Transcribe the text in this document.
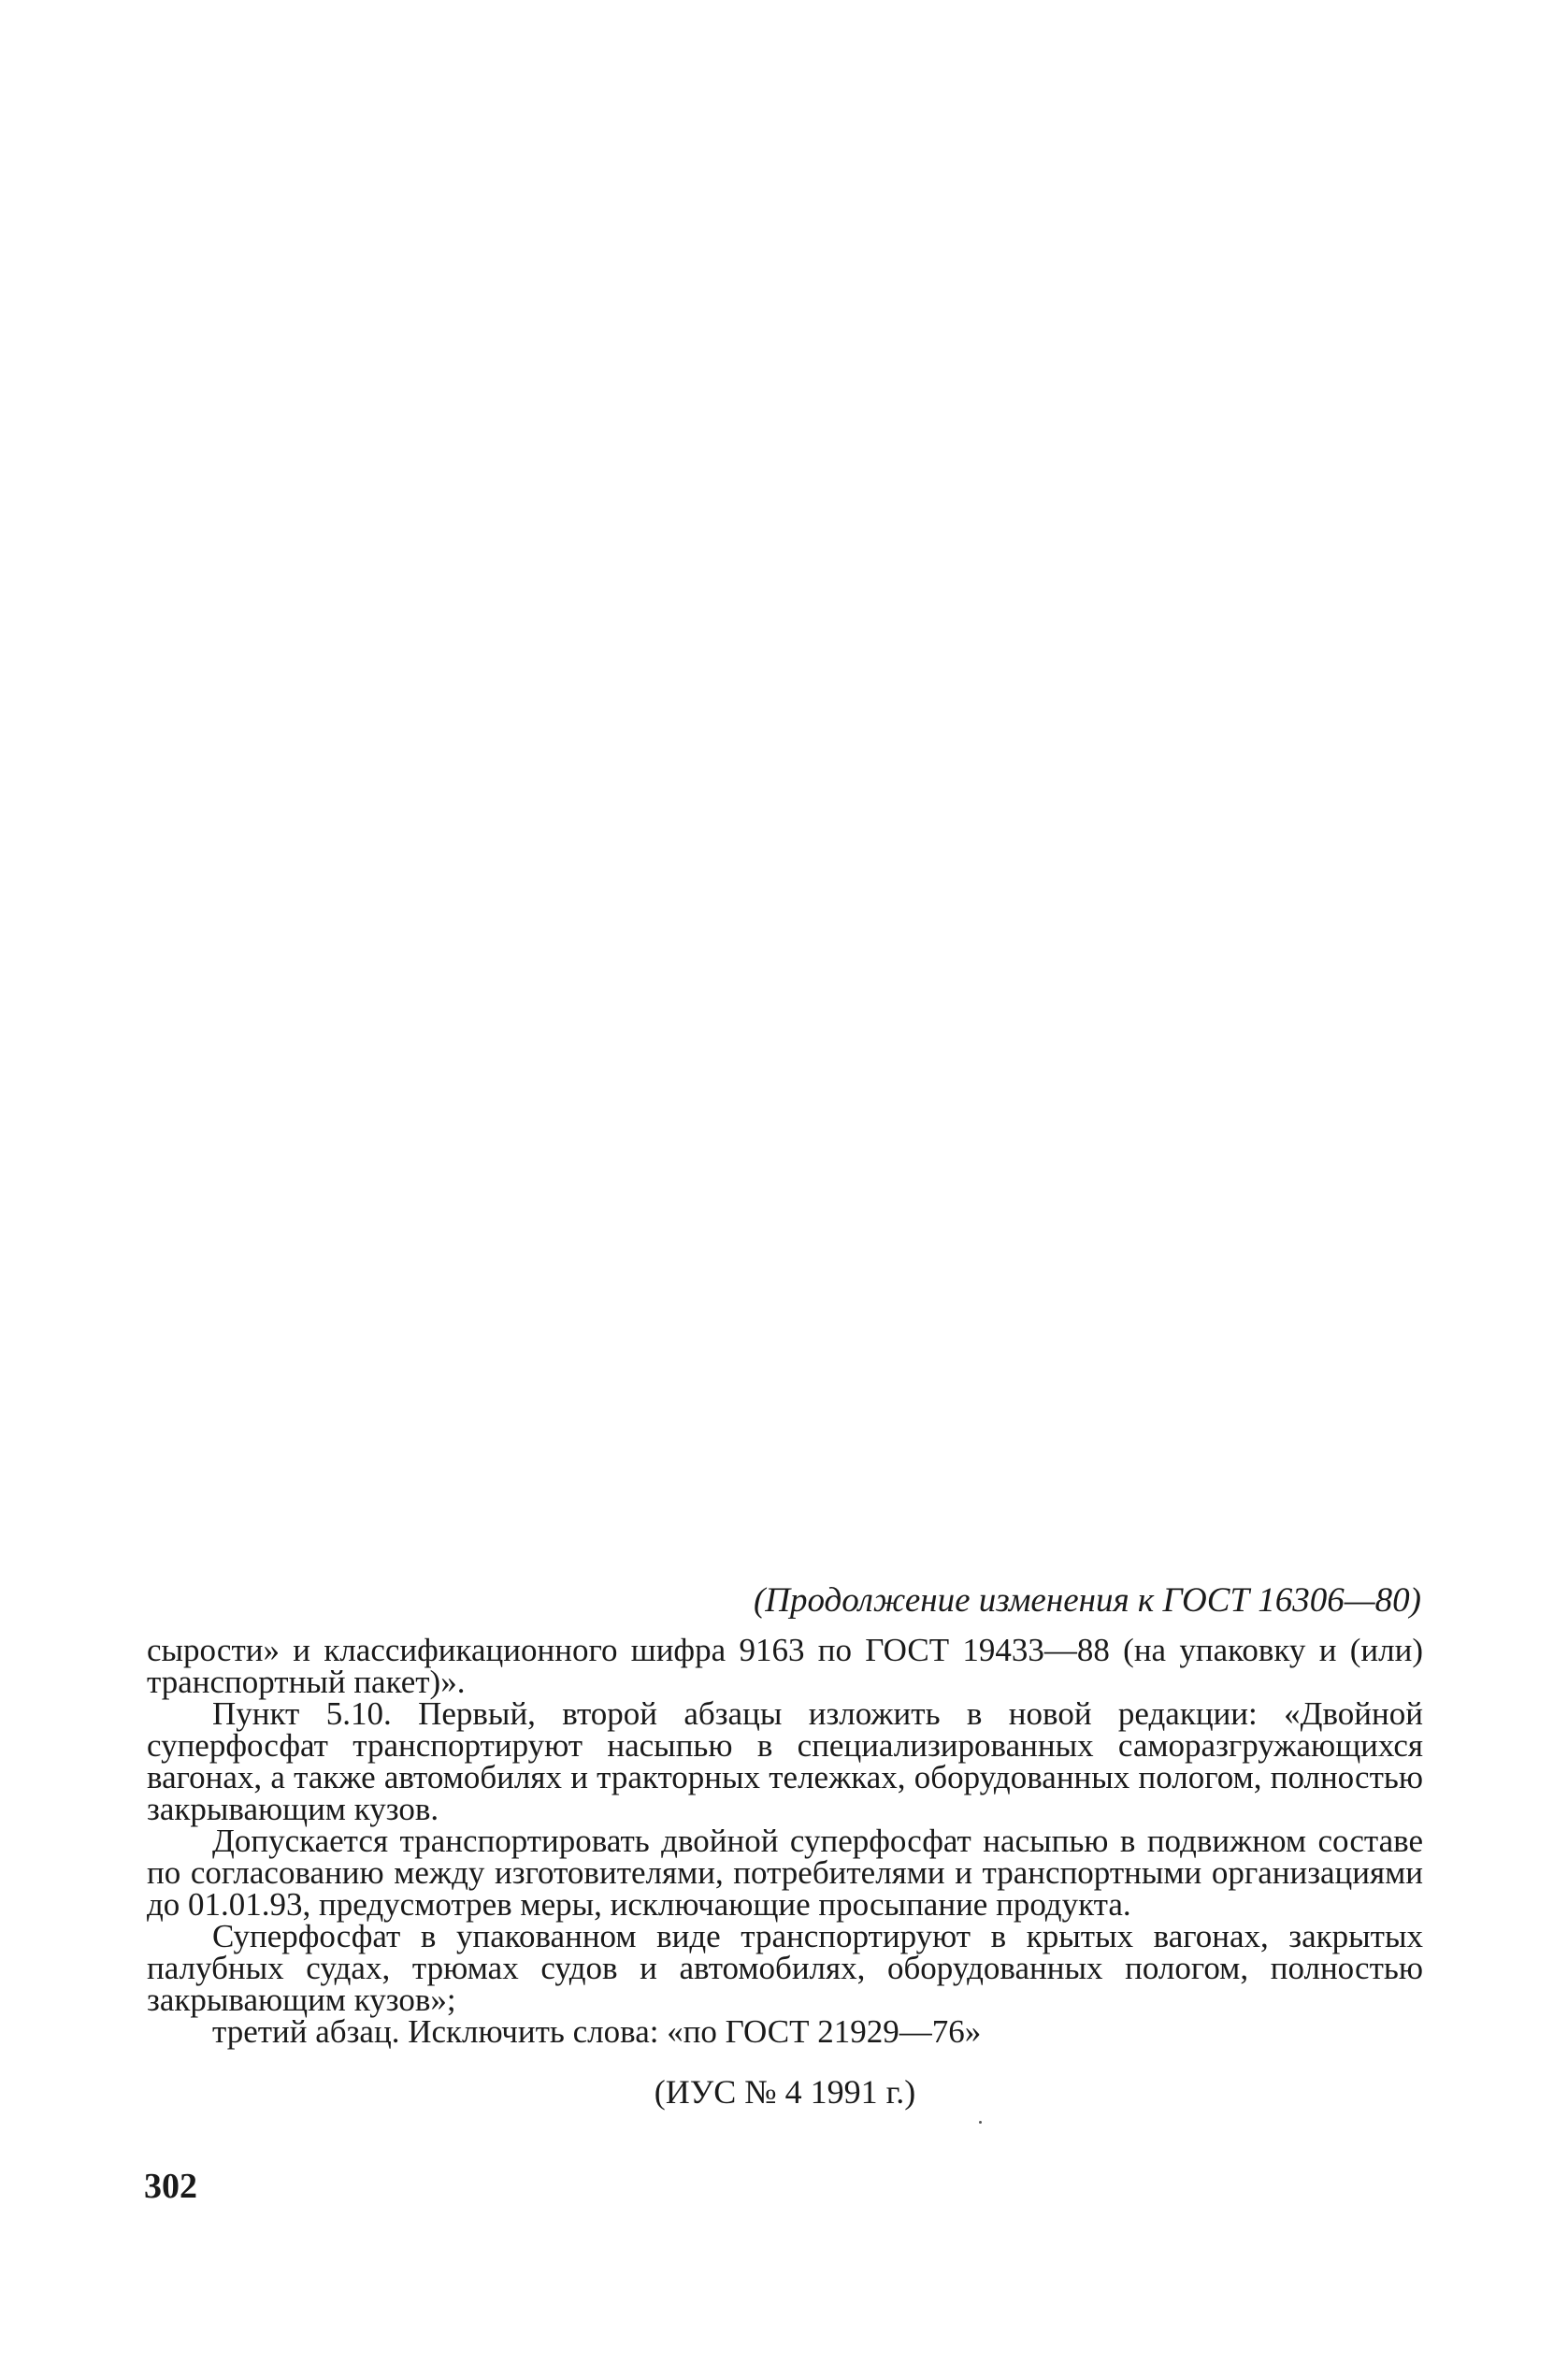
(Продолжение изменения к ГОСТ 16306—80)

сырости» и классификационного шифра 9163 по ГОСТ 19433—88 (на упаковку и (или) транспортный пакет)».

Пункт 5.10. Первый, второй абзацы изложить в новой редакции: «Двойной суперфосфат транспортируют насыпью в специализированных саморазгружающихся вагонах, а также автомобилях и тракторных тележках, оборудованных пологом, полностью закрывающим кузов.

Допускается транспортировать двойной суперфосфат насыпью в подвижном составе по согласованию между изготовителями, потребителями и транспортными организациями до 01.01.93, предусмотрев меры, исключающие просыпание продукта.

Суперфосфат в упакованном виде транспортируют в крытых вагонах, закрытых палубных судах, трюмах судов и автомобилях, оборудованных пологом, полностью закрывающим кузов»;

третий абзац. Исключить слова: «по ГОСТ 21929—76»

(ИУС № 4 1991 г.)

302
